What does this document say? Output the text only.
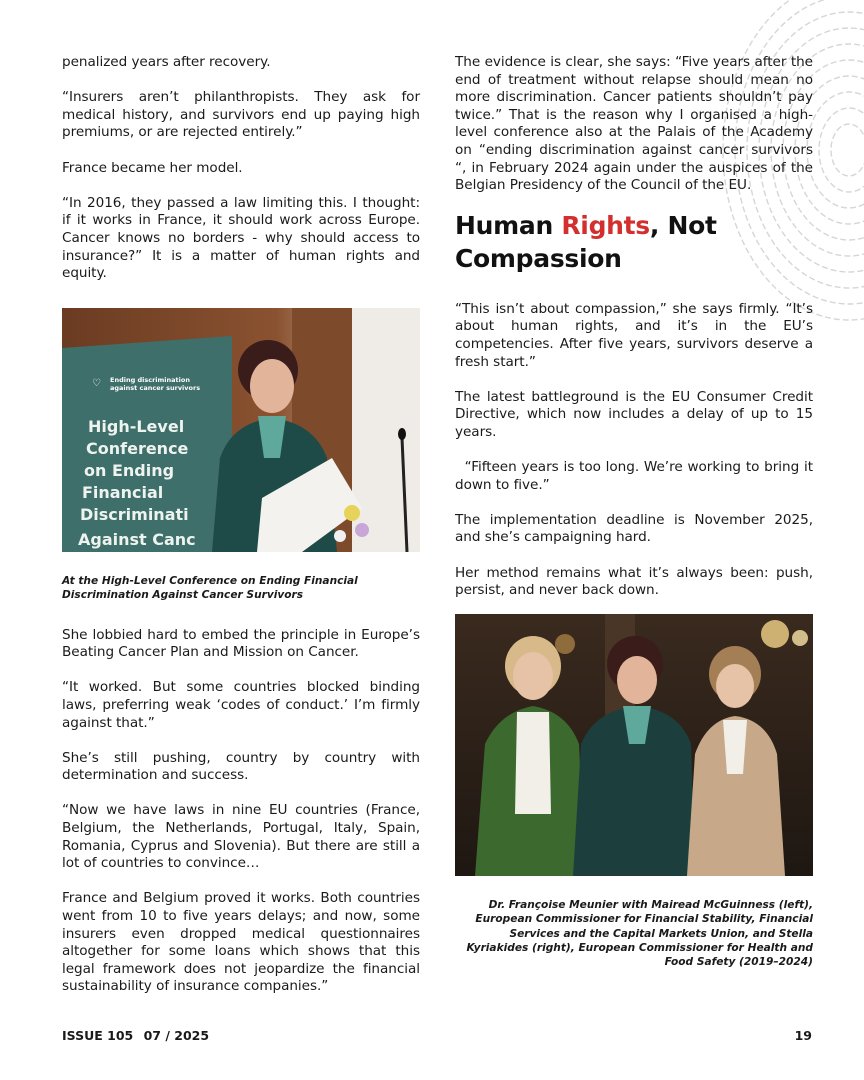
penalized years after recovery.

“Insurers aren’t philanthropists. They ask for medical history, and survivors end up paying high premiums, or are rejected entirely.”

France became her model.

“In 2016, they passed a law limiting this. I thought: if it works in France, it should work across Europe. Cancer knows no borders - why should access to insurance?” It is a matter of human rights and equity.

♡ Ending discrimination
against cancer survivors
High-Level
Conference
on Ending
Financial
Discriminati
Against Canc

At the High-Level Conference on Ending Financial Discrimination Against Cancer Survivors

She lobbied hard to embed the principle in Europe’s Beating Cancer Plan and Mission on Cancer.

“It worked. But some countries blocked binding laws, preferring weak ‘codes of conduct.’ I’m firmly against that.”

She’s still pushing, country by country with determination and success.

“Now we have laws in nine EU countries (France, Belgium, the Netherlands, Portugal, Italy, Spain, Romania, Cyprus and Slovenia). But there are still a lot of countries to convince…

France and Belgium proved it works. Both countries went from 10 to five years delays; and now, some insurers even dropped medical questionnaires altogether for some loans which shows that this legal framework does not jeopardize the financial sustainability of insurance companies.”

The evidence is clear, she says: “Five years after the end of treatment without relapse should mean no more discrimination. Cancer patients shouldn’t pay twice.” That is the reason why I organised a high-level conference also at the Palais of the Academy on “ending discrimination against cancer survivors “, in February 2024 again under the auspices of the Belgian Presidency of the Council of the EU.

Human Rights, Not
Compassion

“This isn’t about compassion,” she says firmly. “It’s about human rights, and it’s in the EU’s competencies. After five years, survivors deserve a fresh start.”

The latest battleground is the EU Consumer Credit Directive, which now includes a delay of up to 15 years.

“Fifteen years is too long. We’re working to bring it down to five.”

The implementation deadline is November 2025, and she’s campaigning hard.

Her method remains what it’s always been: push, persist, and never back down.

Dr. Françoise Meunier with Mairead McGuinness (left), European Commissioner for Financial Stability, Financial Services and the Capital Markets Union, and Stella Kyriakides (right), European Commissioner for Health and Food Safety (2019–2024)

ISSUE 105 07 / 2025	19
